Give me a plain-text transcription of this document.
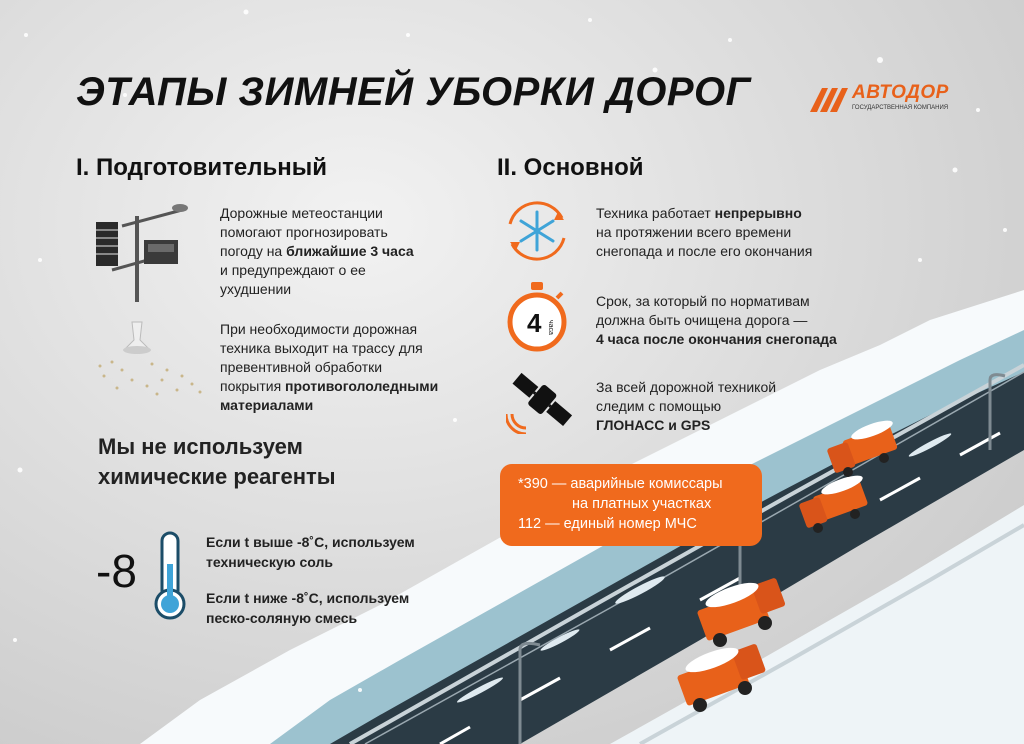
ЭТАПЫ ЗИМНЕЙ УБОРКИ ДОРОГ	АВТОДОР
ГОСУДАРСТВЕННАЯ КОМПАНИЯ
I. Подготовительный
Дорожные метеостанции
помогают прогнозировать
погоду на ближайшие 3 часа
и предупреждают о ее
ухудшении
При необходимости дорожная
техника выходит на трассу для
превентивной обработки
покрытия противогололедными
материалами
Мы не используем
химические реагенты
-8
Если t выше -8˚С, используем
техническую соль
Если t ниже -8˚С, используем
песко-соляную смесь
II. Основной
Техника работает непрерывно
на протяжении всего времени
снегопада и после его окончания
4 часа
Срок, за который по нормативам
должна быть очищена дорога —
4 часа после окончания снегопада
За всей дорожной техникой
следим с помощью
ГЛОНАСС и GPS
*390 — аварийные комиссары
на платных участках
112 — единый номер МЧС
